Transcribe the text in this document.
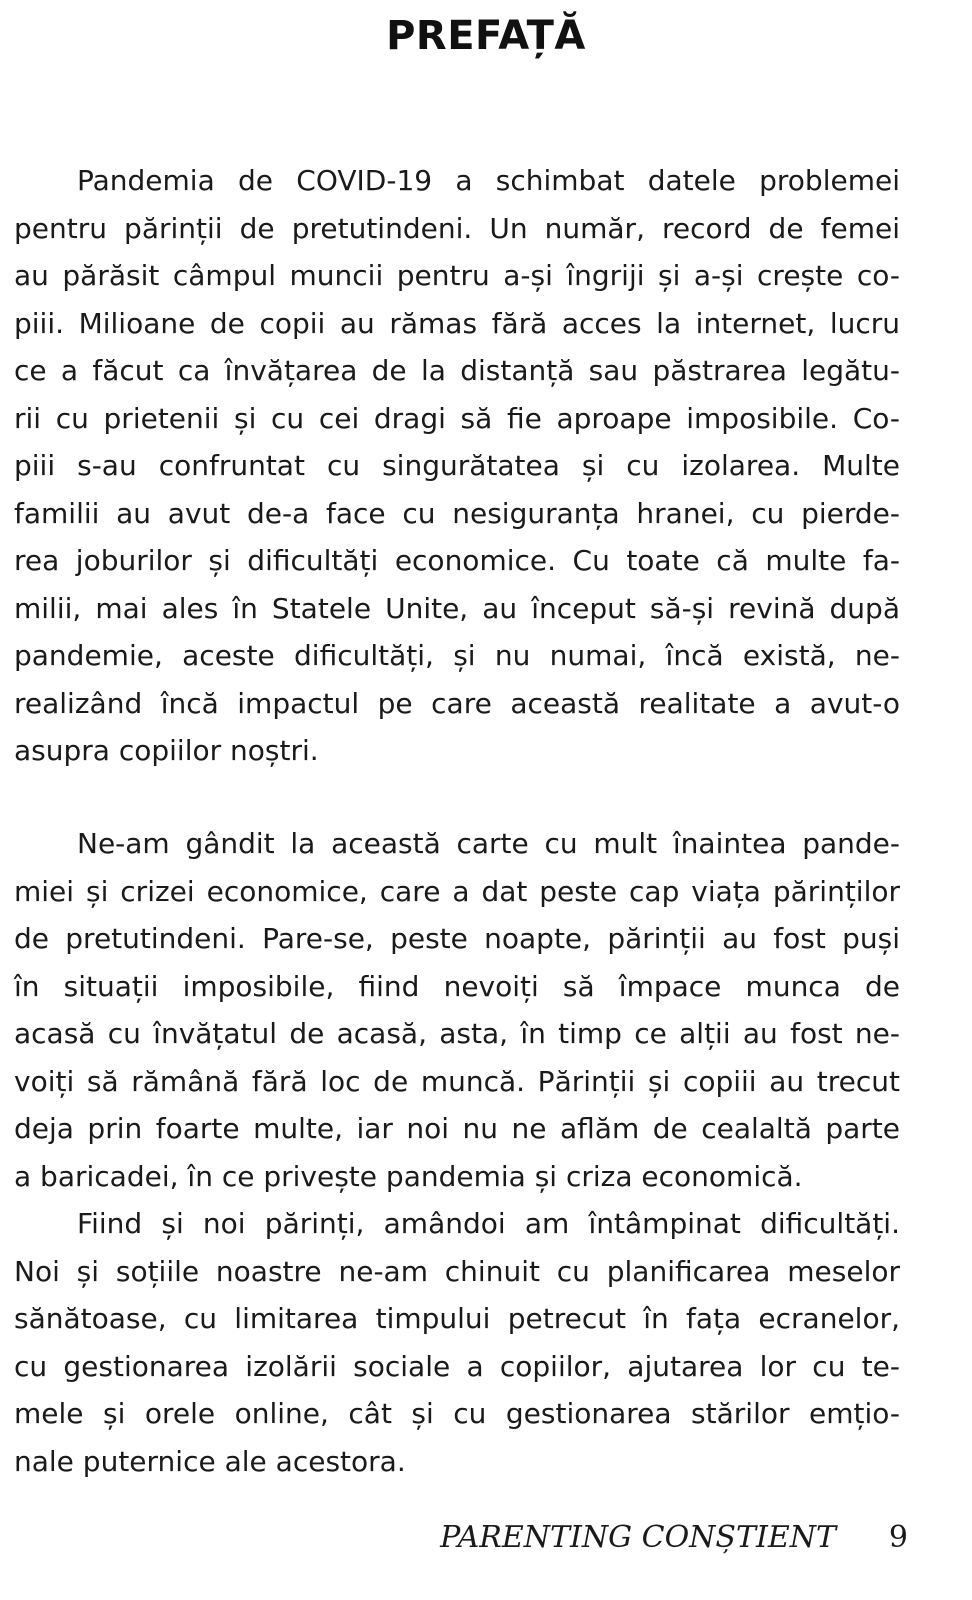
PREFAȚĂ
Pandemia de COVID-19 a schimbat datele problemei
pentru părinții de pretutindeni. Un număr, record de femei
au părăsit câmpul muncii pentru a-și îngriji și a-și crește co-
piii. Milioane de copii au rămas fără acces la internet, lucru
ce a făcut ca învățarea de la distanță sau păstrarea legătu-
rii cu prietenii și cu cei dragi să fie aproape imposibile. Co-
piii s-au confruntat cu singurătatea și cu izolarea. Multe
familii au avut de-a face cu nesiguranța hranei, cu pierde-
rea joburilor și dificultăți economice. Cu toate că multe fa-
milii, mai ales în Statele Unite, au început să-și revină după
pandemie, aceste dificultăți, și nu numai, încă există, ne-
realizând încă impactul pe care această realitate a avut-o
asupra copiilor noștri.
Ne-am gândit la această carte cu mult înaintea pande-
miei și crizei economice, care a dat peste cap viața părinților
de pretutindeni. Pare-se, peste noapte, părinții au fost puși
în situații imposibile, fiind nevoiți să împace munca de
acasă cu învățatul de acasă, asta, în timp ce alții au fost ne-
voiți să rămână fără loc de muncă. Părinții și copiii au trecut
deja prin foarte multe, iar noi nu ne aflăm de cealaltă parte
a baricadei, în ce privește pandemia și criza economică.
Fiind și noi părinți, amândoi am întâmpinat dificultăți.
Noi și soțiile noastre ne-am chinuit cu planificarea meselor
sănătoase, cu limitarea timpului petrecut în fața ecranelor,
cu gestionarea izolării sociale a copiilor, ajutarea lor cu te-
mele și orele online, cât și cu gestionarea stărilor emțio-
nale puternice ale acestora.
PARENTING CONȘTIENT 9
